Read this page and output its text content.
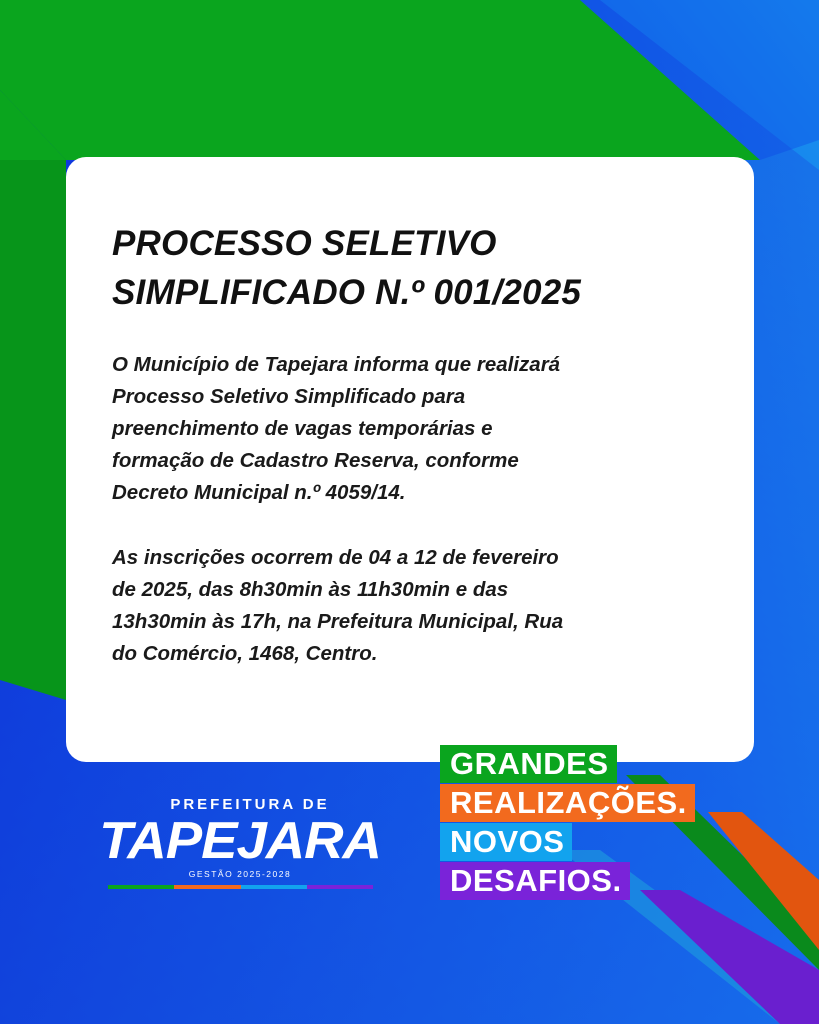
PROCESSO SELETIVO
SIMPLIFICADO N.º 001/2025

O Município de Tapejara informa que realizará
Processo Seletivo Simplificado para
preenchimento de vagas temporárias e
formação de Cadastro Reserva, conforme
Decreto Municipal n.º 4059/14.

As inscrições ocorrem de 04 a 12 de fevereiro
de 2025, das 8h30min às 11h30min e das
13h30min às 17h, na Prefeitura Municipal, Rua
do Comércio, 1468, Centro.

PREFEITURA DE
TAPEJARA
GESTÃO 2025-2028
GRANDES
REALIZAÇÕES.
NOVOS
DESAFIOS.
